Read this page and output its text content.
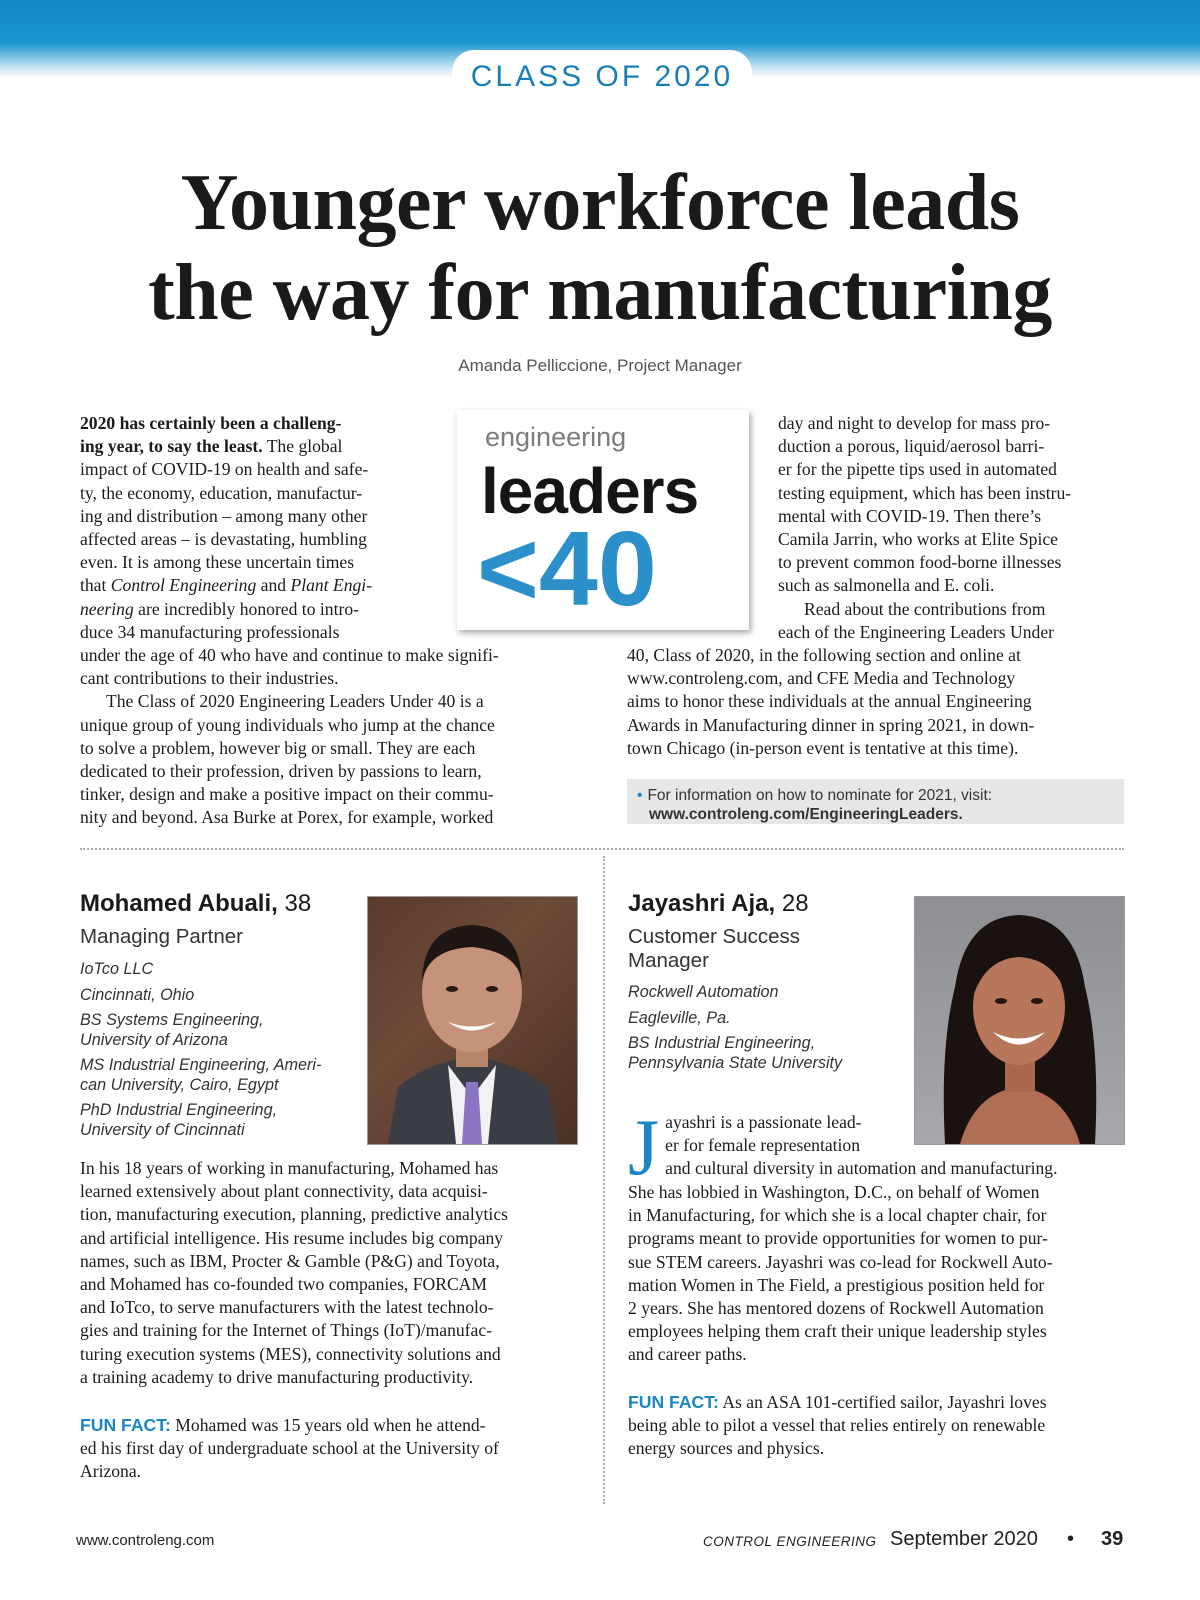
CLASS OF 2020
Younger workforce leads
the way for manufacturing
Amanda Pelliccione, Project Manager

2020 has certainly been a challeng-

ing year, to say the least. The global

impact of COVID-19 on health and safe-

ty, the economy, education, manufactur-

ing and distribution – among many other

affected areas – is devastating, humbling

even. It is among these uncertain times

that Control Engineering and Plant Engi-

neering are incredibly honored to intro-

duce 34 manufacturing professionals

under the age of 40 who have and continue to make signifi-

cant contributions to their industries.

The Class of 2020 Engineering Leaders Under 40 is a

unique group of young individuals who jump at the chance

to solve a problem, however big or small. They are each

dedicated to their profession, driven by passions to learn,

tinker, design and make a positive impact on their commu-

nity and beyond. Asa Burke at Porex, for example, worked

engineering
leaders
<40

day and night to develop for mass pro-

duction a porous, liquid/aerosol barri-

er for the pipette tips used in automated

testing equipment, which has been instru-

mental with COVID-19. Then there’s

Camila Jarrin, who works at Elite Spice

to prevent common food-borne illnesses

such as salmonella and E. coli.

Read about the contributions from

each of the Engineering Leaders Under

40, Class of 2020, in the following section and online at

www.controleng.com, and CFE Media and Technology

aims to honor these individuals at the annual Engineering

Awards in Manufacturing dinner in spring 2021, in down-

town Chicago (in-person event is tentative at this time).

• For information on how to nominate for 2021, visit:
www.controleng.com/EngineeringLeaders.
Mohamed Abuali, 38
Managing Partner

IoTco LLC

Cincinnati, Ohio

BS Systems Engineering,
University of Arizona

MS Industrial Engineering, Ameri-
can University, Cairo, Egypt

PhD Industrial Engineering,
University of Cincinnati

In his 18 years of working in manufacturing, Mohamed has

learned extensively about plant connectivity, data acquisi-

tion, manufacturing execution, planning, predictive analytics

and artificial intelligence. His resume includes big company

names, such as IBM, Procter & Gamble (P&G) and Toyota,

and Mohamed has co-founded two companies, FORCAM

and IoTco, to serve manufacturers with the latest technolo-

gies and training for the Internet of Things (IoT)/manufac-

turing execution systems (MES), connectivity solutions and

a training academy to drive manufacturing productivity.

FUN FACT: Mohamed was 15 years old when he attend-

ed his first day of undergraduate school at the University of

Arizona.

Jayashri Aja, 28
Customer Success
Manager

Rockwell Automation

Eagleville, Pa.

BS Industrial Engineering,
Pennsylvania State University

J ayashri is a passionate lead-

er for female representation

and cultural diversity in automation and manufacturing.

She has lobbied in Washington, D.C., on behalf of Women

in Manufacturing, for which she is a local chapter chair, for

programs meant to provide opportunities for women to pur-

sue STEM careers. Jayashri was co-lead for Rockwell Auto-

mation Women in The Field, a prestigious position held for

2 years. She has mentored dozens of Rockwell Automation

employees helping them craft their unique leadership styles

and career paths.

FUN FACT: As an ASA 101-certified sailor, Jayashri loves

being able to pilot a vessel that relies entirely on renewable

energy sources and physics.

www.controleng.com	CONTROL ENGINEERING September 2020 • 39
